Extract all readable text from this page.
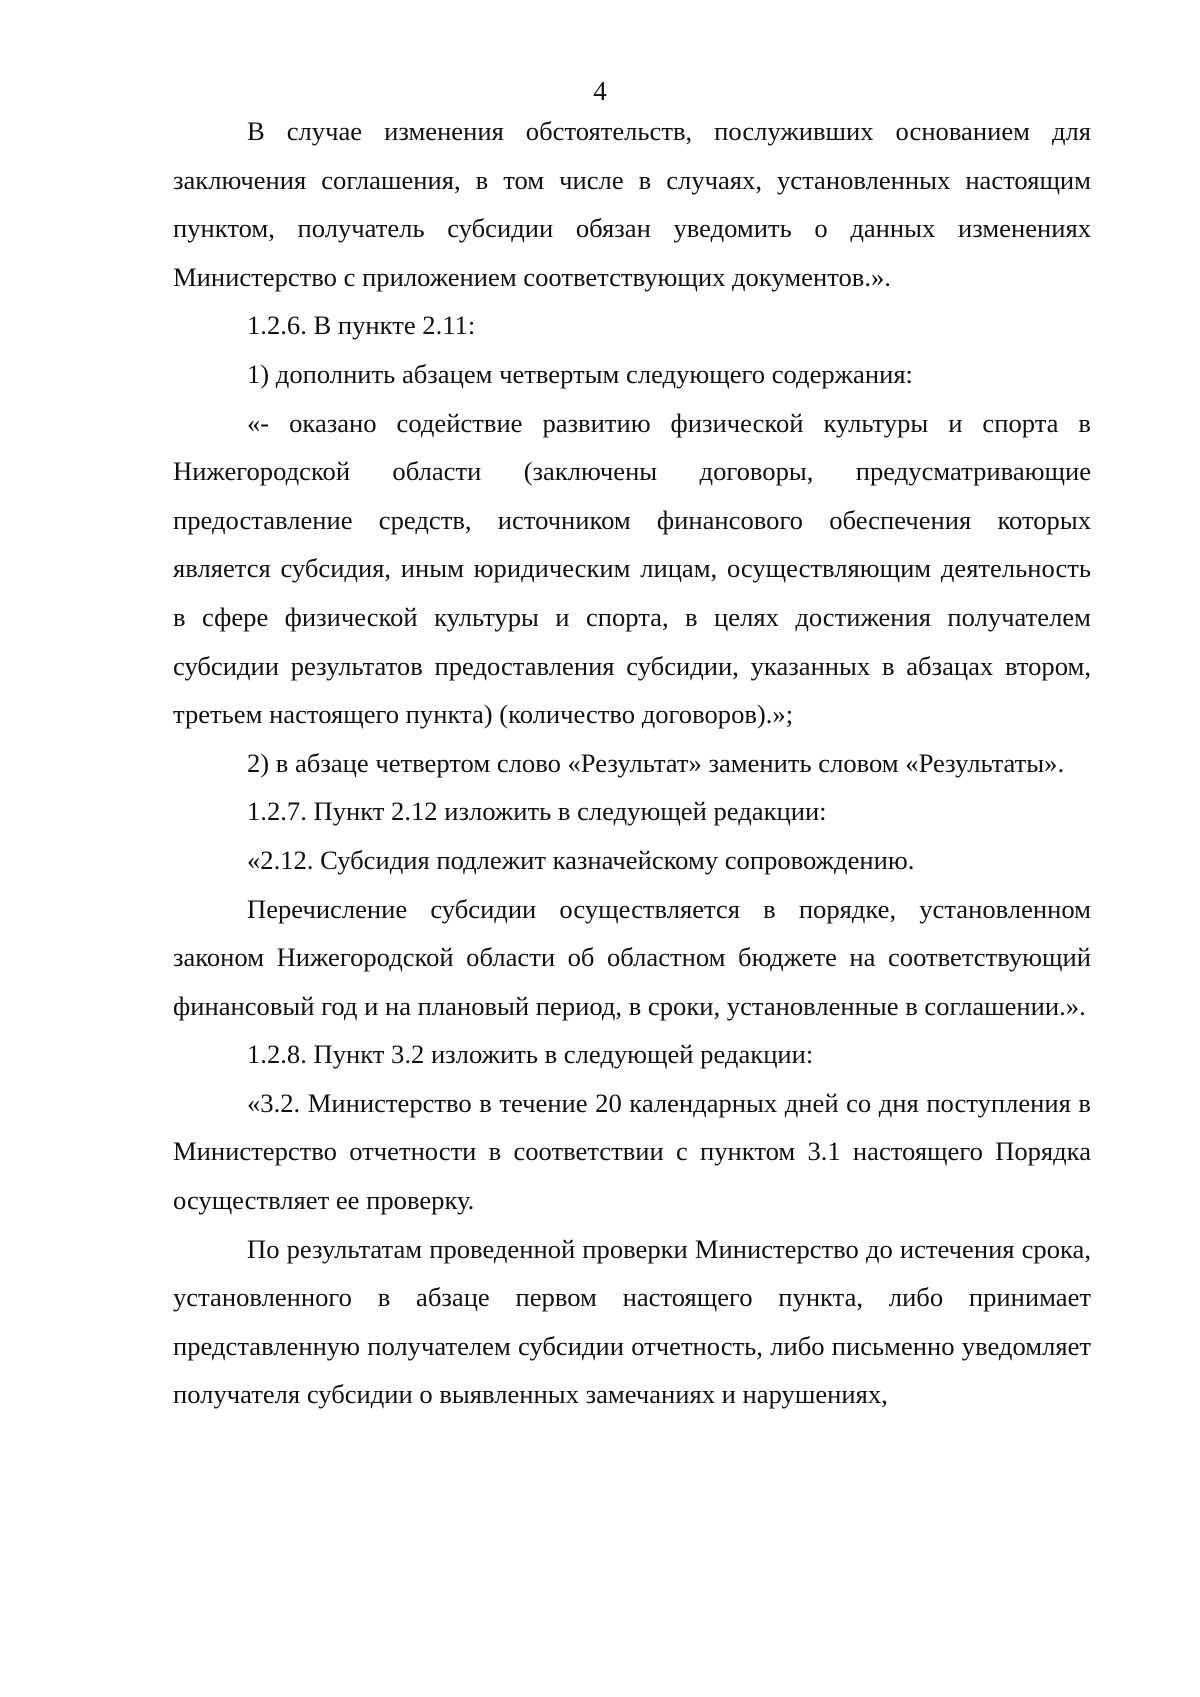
4

В случае изменения обстоятельств, послуживших основанием для заключения соглашения, в том числе в случаях, установленных настоящим пунктом, получатель субсидии обязан уведомить о данных изменениях Министерство с приложением соответствующих документов.».

1.2.6. В пункте 2.11:

1) дополнить абзацем четвертым следующего содержания:

«- оказано содействие развитию физической культуры и спорта в Нижегородской области (заключены договоры, предусматривающие предоставление средств, источником финансового обеспечения которых является субсидия, иным юридическим лицам, осуществляющим деятельность в сфере физической культуры и спорта, в целях достижения получателем субсидии результатов предоставления субсидии, указанных в абзацах втором, третьем настоящего пункта) (количество договоров).»;

2) в абзаце четвертом слово «Результат» заменить словом «Результаты».

1.2.7. Пункт 2.12 изложить в следующей редакции:

«2.12. Субсидия подлежит казначейскому сопровождению.

Перечисление субсидии осуществляется в порядке, установленном законом Нижегородской области об областном бюджете на соответствующий финансовый год и на плановый период, в сроки, установленные в соглашении.».

1.2.8. Пункт 3.2 изложить в следующей редакции:

«3.2. Министерство в течение 20 календарных дней со дня поступления в Министерство отчетности в соответствии с пунктом 3.1 настоящего Порядка осуществляет ее проверку.

По результатам проведенной проверки Министерство до истечения срока, установленного в абзаце первом настоящего пункта, либо принимает представленную получателем субсидии отчетность, либо письменно уведомляет получателя субсидии о выявленных замечаниях и нарушениях,
